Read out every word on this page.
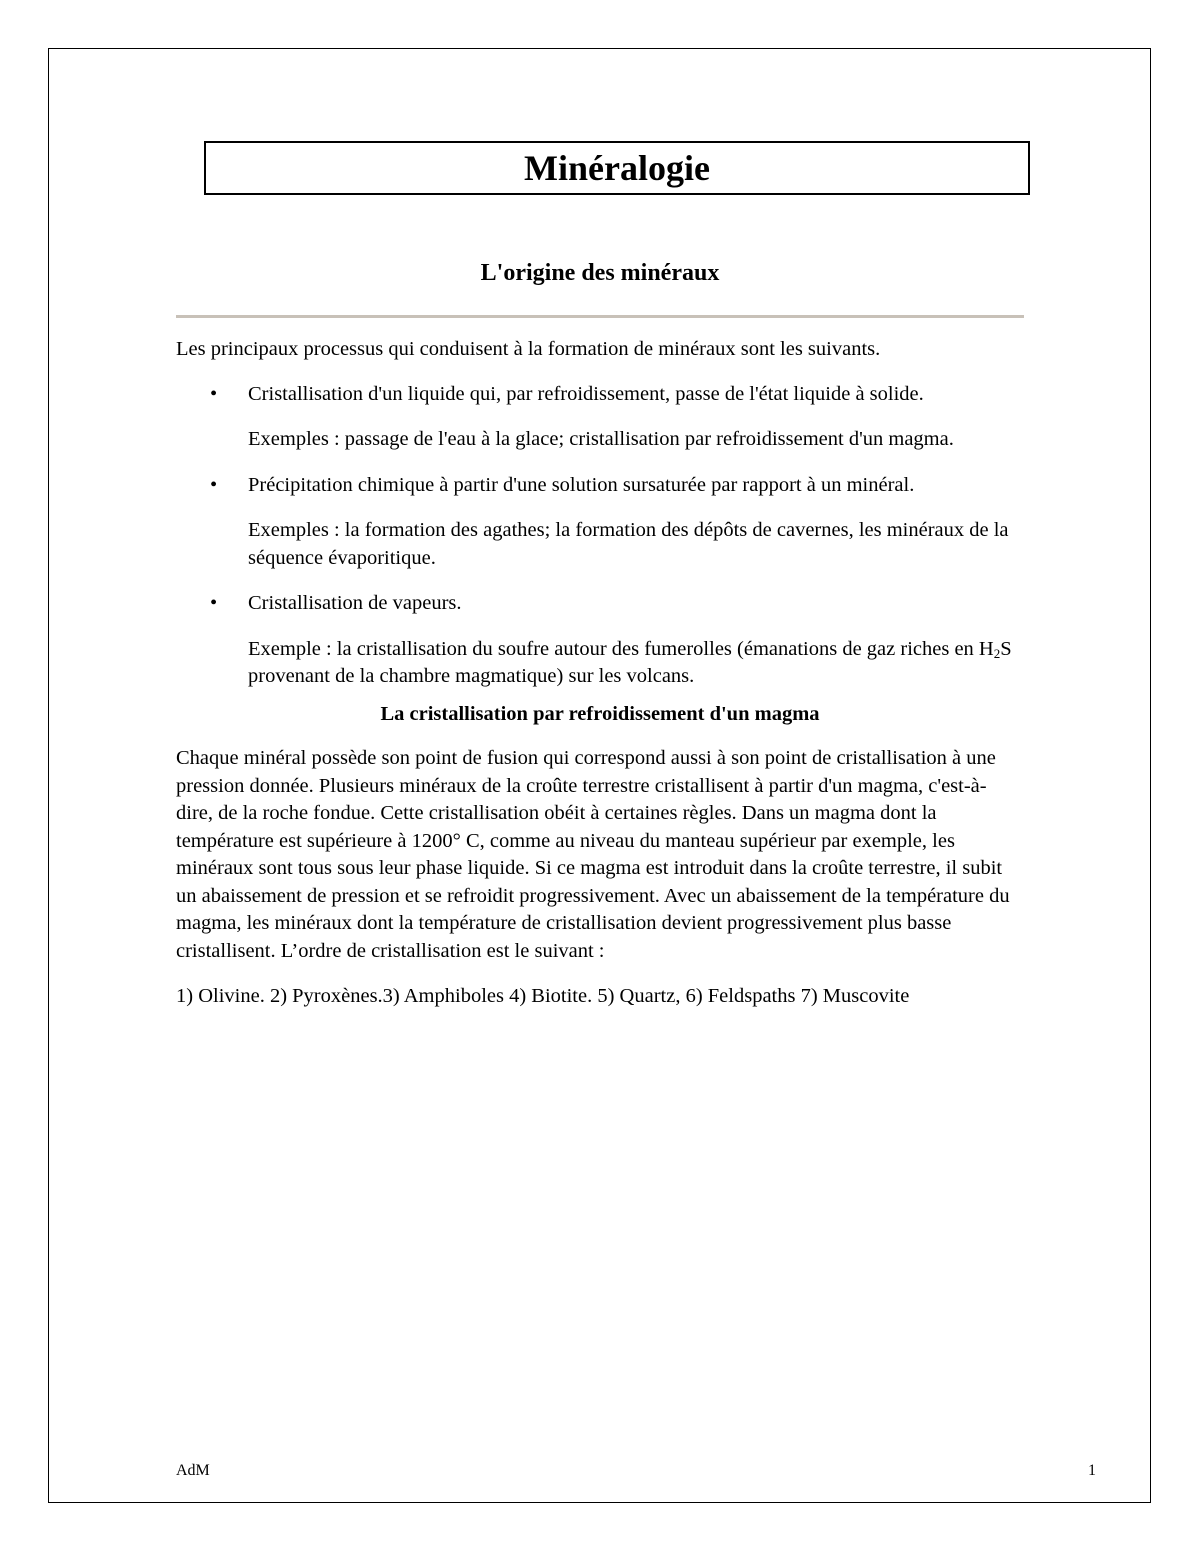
Minéralogie
L'origine des minéraux

Les principaux processus qui conduisent à la formation de minéraux sont les suivants.

• Cristallisation d'un liquide qui, par refroidissement, passe de l'état liquide à solide.

Exemples : passage de l'eau à la glace; cristallisation par refroidissement d'un magma.

• Précipitation chimique à partir d'une solution sursaturée par rapport à un minéral.

Exemples : la formation des agathes; la formation des dépôts de cavernes, les minéraux de la séquence évaporitique.

• Cristallisation de vapeurs.

Exemple : la cristallisation du soufre autour des fumerolles (émanations de gaz riches en $H_2S$ provenant de la chambre magmatique) sur les volcans.

La cristallisation par refroidissement d'un magma

Chaque minéral possède son point de fusion qui correspond aussi à son point de cristallisation à une pression donnée. Plusieurs minéraux de la croûte terrestre cristallisent à partir d'un magma, c'est-à-dire, de la roche fondue. Cette cristallisation obéit à certaines règles. Dans un magma dont la température est supérieure à 1200° C, comme au niveau du manteau supérieur par exemple, les minéraux sont tous sous leur phase liquide. Si ce magma est introduit dans la croûte terrestre, il subit un abaissement de pression et se refroidit progressivement. Avec un abaissement de la température du magma, les minéraux dont la température de cristallisation devient progressivement plus basse cristallisent. L’ordre de cristallisation est le suivant :

1) Olivine. 2) Pyroxènes.3) Amphiboles 4) Biotite. 5) Quartz, 6) Feldspaths 7) Muscovite

AdM	1
